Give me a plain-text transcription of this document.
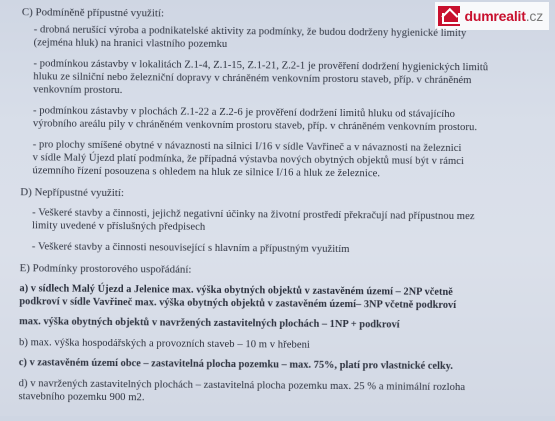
dumrealit.cz
C) Podmíněně přípustné využití:
- drobná nerušící výroba a podnikatelské aktivity za podmínky, že budou dodrženy hygienické limity
(zejména hluk) na hranici vlastního pozemku
- podmínkou zástavby v lokalitách Z.1-4, Z.1-15, Z.1-21, Z.2-1 je prověření dodržení hygienických limitů
hluku ze silniční nebo železniční dopravy v chráněném venkovním prostoru staveb, příp. v chráněném
venkovním prostoru.
- podmínkou zástavby v plochách Z.1-22 a Z.2-6 je prověření dodržení limitů hluku od stávajícího
výrobního areálu pily v chráněném venkovním prostoru staveb, příp. v chráněném venkovním prostoru.
- pro plochy smíšené obytné v návaznosti na silnici I/16 v sídle Vavřineč a v návaznosti na železnici
v sídle Malý Újezd platí podmínka, že případná výstavba nových obytných objektů musí být v rámci
územního řízení posouzena s ohledem na hluk ze silnice I/16 a hluk ze železnice.
D) Nepřípustné využití:
- Veškeré stavby a činnosti, jejichž negativní účinky na životní prostředí překračují nad přípustnou mez
limity uvedené v příslušných předpisech
- Veškeré stavby a činnosti nesouvisející s hlavním a přípustným využitím
E) Podmínky prostorového uspořádání:
a) v sídlech Malý Újezd a Jelenice max. výška obytných objektů v zastavěném území – 2NP včetně
podkroví v sídle Vavřineč max. výška obytných objektů v zastavěném území– 3NP včetně podkroví
max. výška obytných objektů v navržených zastavitelných plochách – 1NP + podkroví
b) max. výška hospodářských a provozních staveb – 10 m v hřebeni
c) v zastavěném území obce – zastavitelná plocha pozemku – max. 75%, platí pro vlastnické celky.
d) v navržených zastavitelných plochách – zastavitelná plocha pozemku max. 25 % a minimální rozloha
stavebního pozemku 900 m2.
